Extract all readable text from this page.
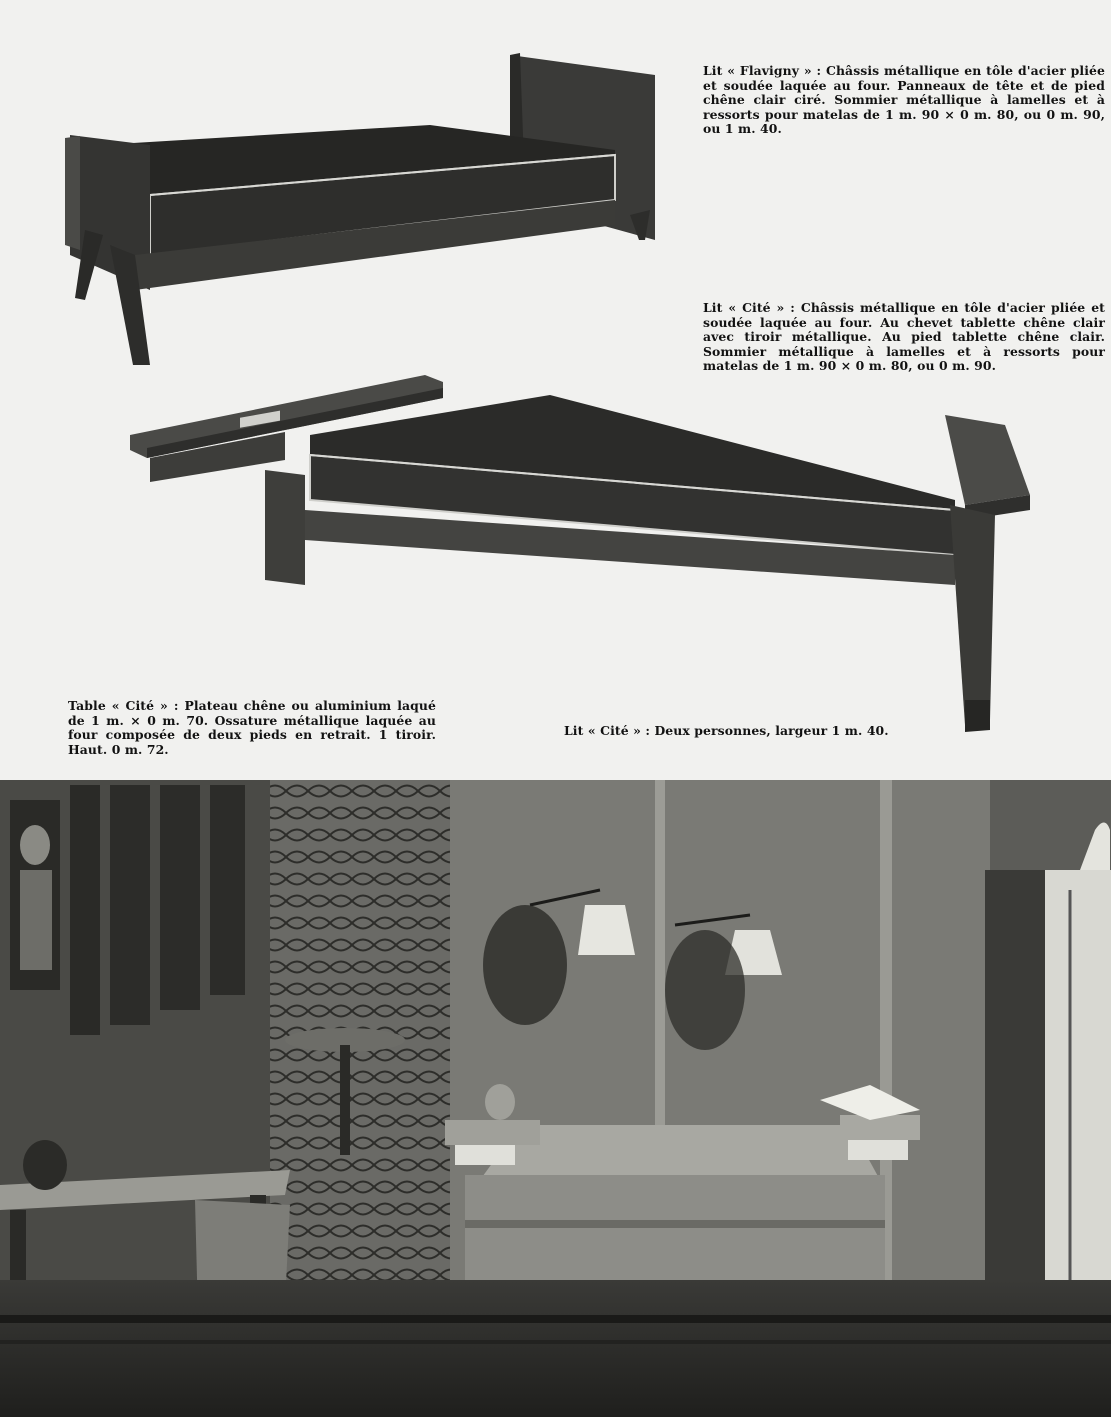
Lit « Flavigny » : Châssis métallique en tôle d'acier pliée et soudée laquée au four. Panneaux de tête et de pied chêne clair ciré. Sommier métallique à lamelles et à ressorts pour matelas de 1 m. 90 × 0 m. 80, ou 0 m. 90, ou 1 m. 40.
Lit « Cité » : Châssis métallique en tôle d'acier pliée et soudée laquée au four. Au chevet tablette chêne clair avec tiroir métallique. Au pied tablette chêne clair. Sommier métallique à lamelles et à ressorts pour matelas de 1 m. 90 × 0 m. 80, ou 0 m. 90.
Table « Cité » : Plateau chêne ou aluminium laqué de 1 m. × 0 m. 70. Ossature métallique laquée au four composée de deux pieds en retrait. 1 tiroir. Haut. 0 m. 72.
Lit « Cité » : Deux personnes, largeur 1 m. 40.
